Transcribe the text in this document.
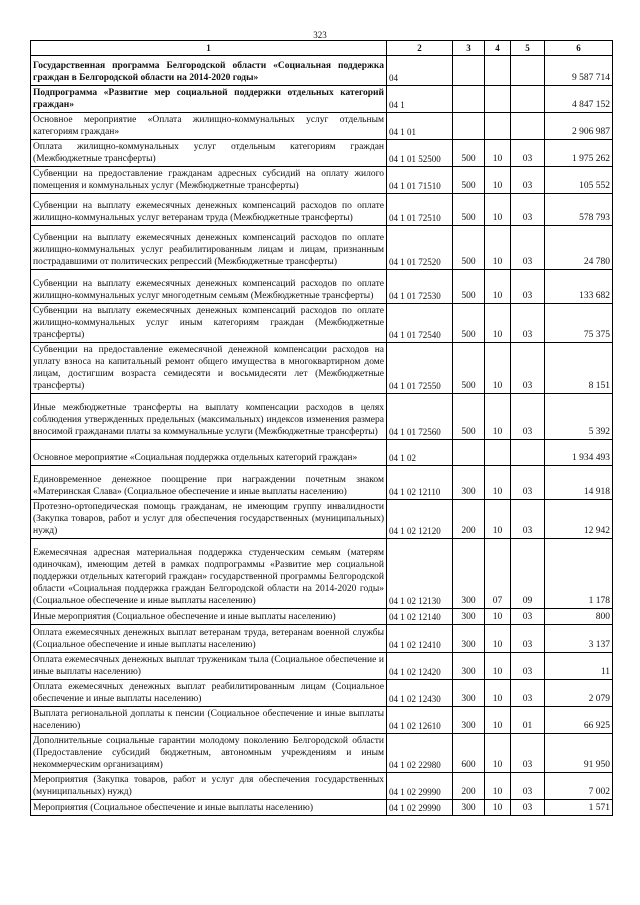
323
1	2	3	4	5	6
Государственная программа Белгородской области «Социальная поддержка граждан в Белгородской области на 2014-2020 годы»	04				9 587 714
Подпрограмма «Развитие мер социальной поддержки отдельных категорий граждан»	04 1				4 847 152
Основное мероприятие «Оплата жилищно-коммунальных услуг отдельным категориям граждан»	04 1 01				2 906 987
Оплата жилищно-коммунальных услуг отдельным категориям граждан (Межбюджетные трансферты)	04 1 01 52500	500	10	03	1 975 262
Субвенции на предоставление гражданам адресных субсидий на оплату жилого помещения и коммунальных услуг (Межбюджетные трансферты)	04 1 01 71510	500	10	03	105 552
Субвенции на выплату ежемесячных денежных компенсаций расходов по оплате жилищно-коммунальных услуг ветеранам труда (Межбюджетные трансферты)	04 1 01 72510	500	10	03	578 793
Субвенции на выплату ежемесячных денежных компенсаций расходов по оплате жилищно-коммунальных услуг реабилитированным лицам и лицам, признанным пострадавшими от политических репрессий (Межбюджетные трансферты)	04 1 01 72520	500	10	03	24 780
Субвенции на выплату ежемесячных денежных компенсаций расходов по оплате жилищно-коммунальных услуг многодетным семьям (Межбюджетные трансферты)	04 1 01 72530	500	10	03	133 682
Субвенции на выплату ежемесячных денежных компенсаций расходов по оплате жилищно-коммунальных услуг иным категориям граждан (Межбюджетные трансферты)	04 1 01 72540	500	10	03	75 375
Субвенции на предоставление ежемесячной денежной компенсации расходов на уплату взноса на капитальный ремонт общего имущества в многоквартирном доме лицам, достигшим возраста семидесяти и восьмидесяти лет (Межбюджетные трансферты)	04 1 01 72550	500	10	03	8 151
Иные межбюджетные трансферты на выплату компенсации расходов в целях соблюдения утвержденных предельных (максимальных) индексов изменения размера вносимой гражданами платы за коммунальные услуги (Межбюджетные трансферты)	04 1 01 72560	500	10	03	5 392
Основное мероприятие «Социальная поддержка отдельных категорий граждан»	04 1 02				1 934 493
Единовременное денежное поощрение при награждении почетным знаком «Материнская Слава» (Социальное обеспечение и иные выплаты населению)	04 1 02 12110	300	10	03	14 918
Протезно-ортопедическая помощь гражданам, не имеющим группу инвалидности (Закупка товаров, работ и услуг для обеспечения государственных (муниципальных) нужд)	04 1 02 12120	200	10	03	12 942
Ежемесячная адресная материальная поддержка студенческим семьям (матерям одиночкам), имеющим детей в рамках подпрограммы «Развитие мер социальной поддержки отдельных категорий граждан» государственной программы Белгородской области «Социальная поддержка граждан Белгородской области на 2014-2020 годы» (Социальное обеспечение и иные выплаты населению)	04 1 02 12130	300	07	09	1 178
Иные мероприятия (Социальное обеспечение и иные выплаты населению)	04 1 02 12140	300	10	03	800
Оплата ежемесячных денежных выплат ветеранам труда, ветеранам военной службы (Социальное обеспечение и иные выплаты населению)	04 1 02 12410	300	10	03	3 137
Оплата ежемесячных денежных выплат труженикам тыла (Социальное обеспечение и иные выплаты населению)	04 1 02 12420	300	10	03	11
Оплата ежемесячных денежных выплат реабилитированным лицам (Социальное обеспечение и иные выплаты населению)	04 1 02 12430	300	10	03	2 079
Выплата региональной доплаты к пенсии (Социальное обеспечение и иные выплаты населению)	04 1 02 12610	300	10	01	66 925
Дополнительные социальные гарантии молодому поколению Белгородской области (Предоставление субсидий бюджетным, автономным учреждениям и иным некоммерческим организациям)	04 1 02 22980	600	10	03	91 950
Мероприятия (Закупка товаров, работ и услуг для обеспечения государственных (муниципальных) нужд)	04 1 02 29990	200	10	03	7 002
Мероприятия (Социальное обеспечение и иные выплаты населению)	04 1 02 29990	300	10	03	1 571
